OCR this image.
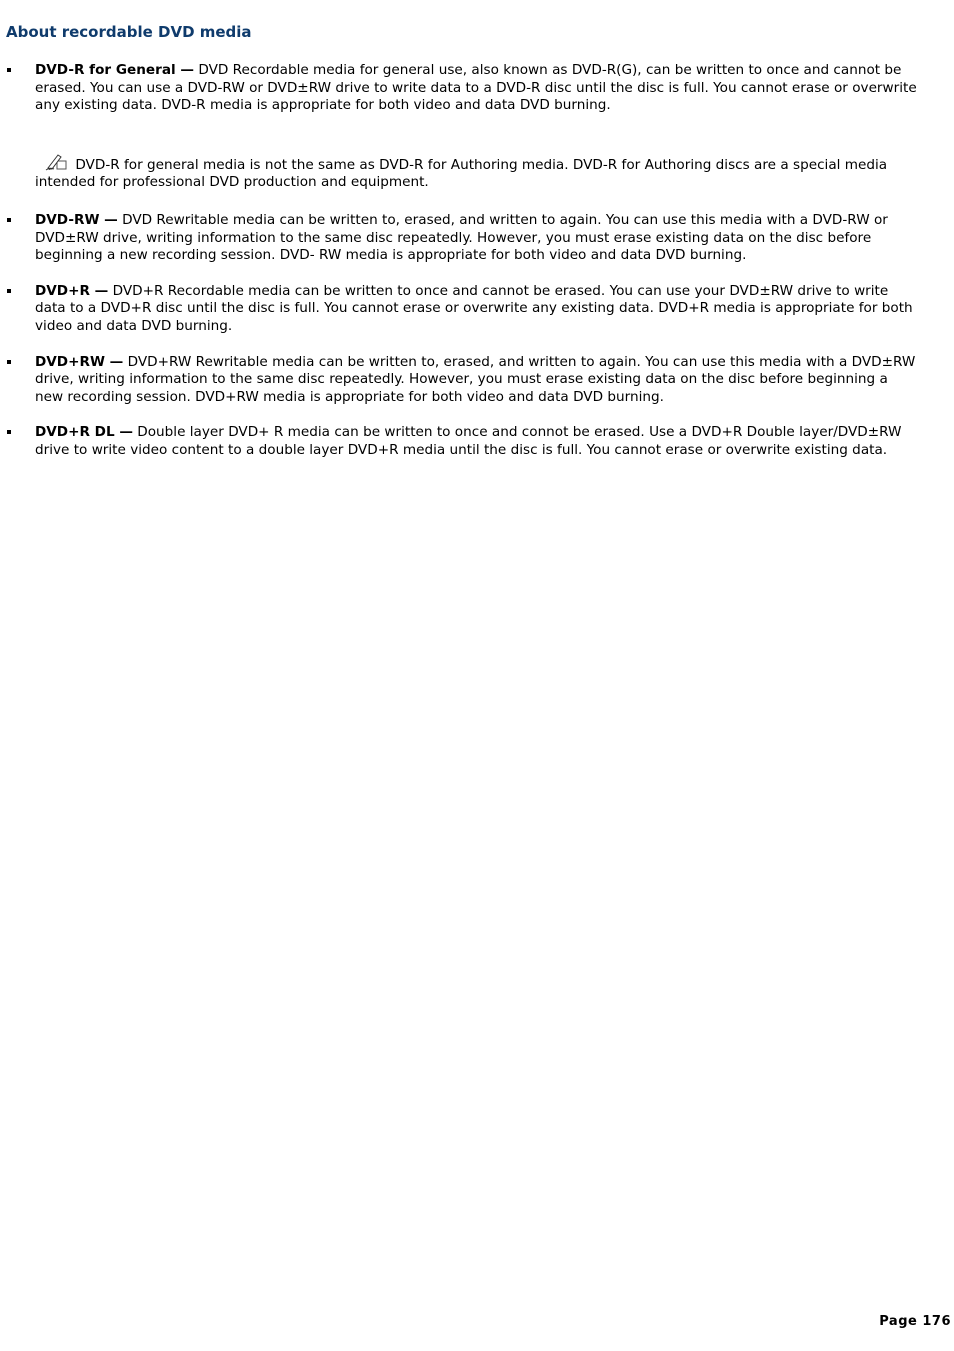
About recordable DVD media
DVD-R for General — DVD Recordable media for general use, also known as DVD-R(G), can be written to once and cannot be erased. You can use a DVD-RW or DVD±RW drive to write data to a DVD-R disc until the disc is full. You cannot erase or overwrite any existing data. DVD-R media is appropriate for both video and data DVD burning.
DVD-R for general media is not the same as DVD-R for Authoring media. DVD-R for Authoring discs are a special media intended for professional DVD production and equipment.
DVD-RW — DVD Rewritable media can be written to, erased, and written to again. You can use this media with a DVD-RW or DVD±RW drive, writing information to the same disc repeatedly. However, you must erase existing data on the disc before beginning a new recording session. DVD- RW media is appropriate for both video and data DVD burning.
DVD+R — DVD+R Recordable media can be written to once and cannot be erased. You can use your DVD±RW drive to write data to a DVD+R disc until the disc is full. You cannot erase or overwrite any existing data. DVD+R media is appropriate for both video and data DVD burning.
DVD+RW — DVD+RW Rewritable media can be written to, erased, and written to again. You can use this media with a DVD±RW drive, writing information to the same disc repeatedly. However, you must erase existing data on the disc before beginning a new recording session. DVD+RW media is appropriate for both video and data DVD burning.
DVD+R DL — Double layer DVD+ R media can be written to once and connot be erased. Use a DVD+R Double layer/DVD±RW drive to write video content to a double layer DVD+R media until the disc is full. You cannot erase or overwrite existing data.
Page 176
